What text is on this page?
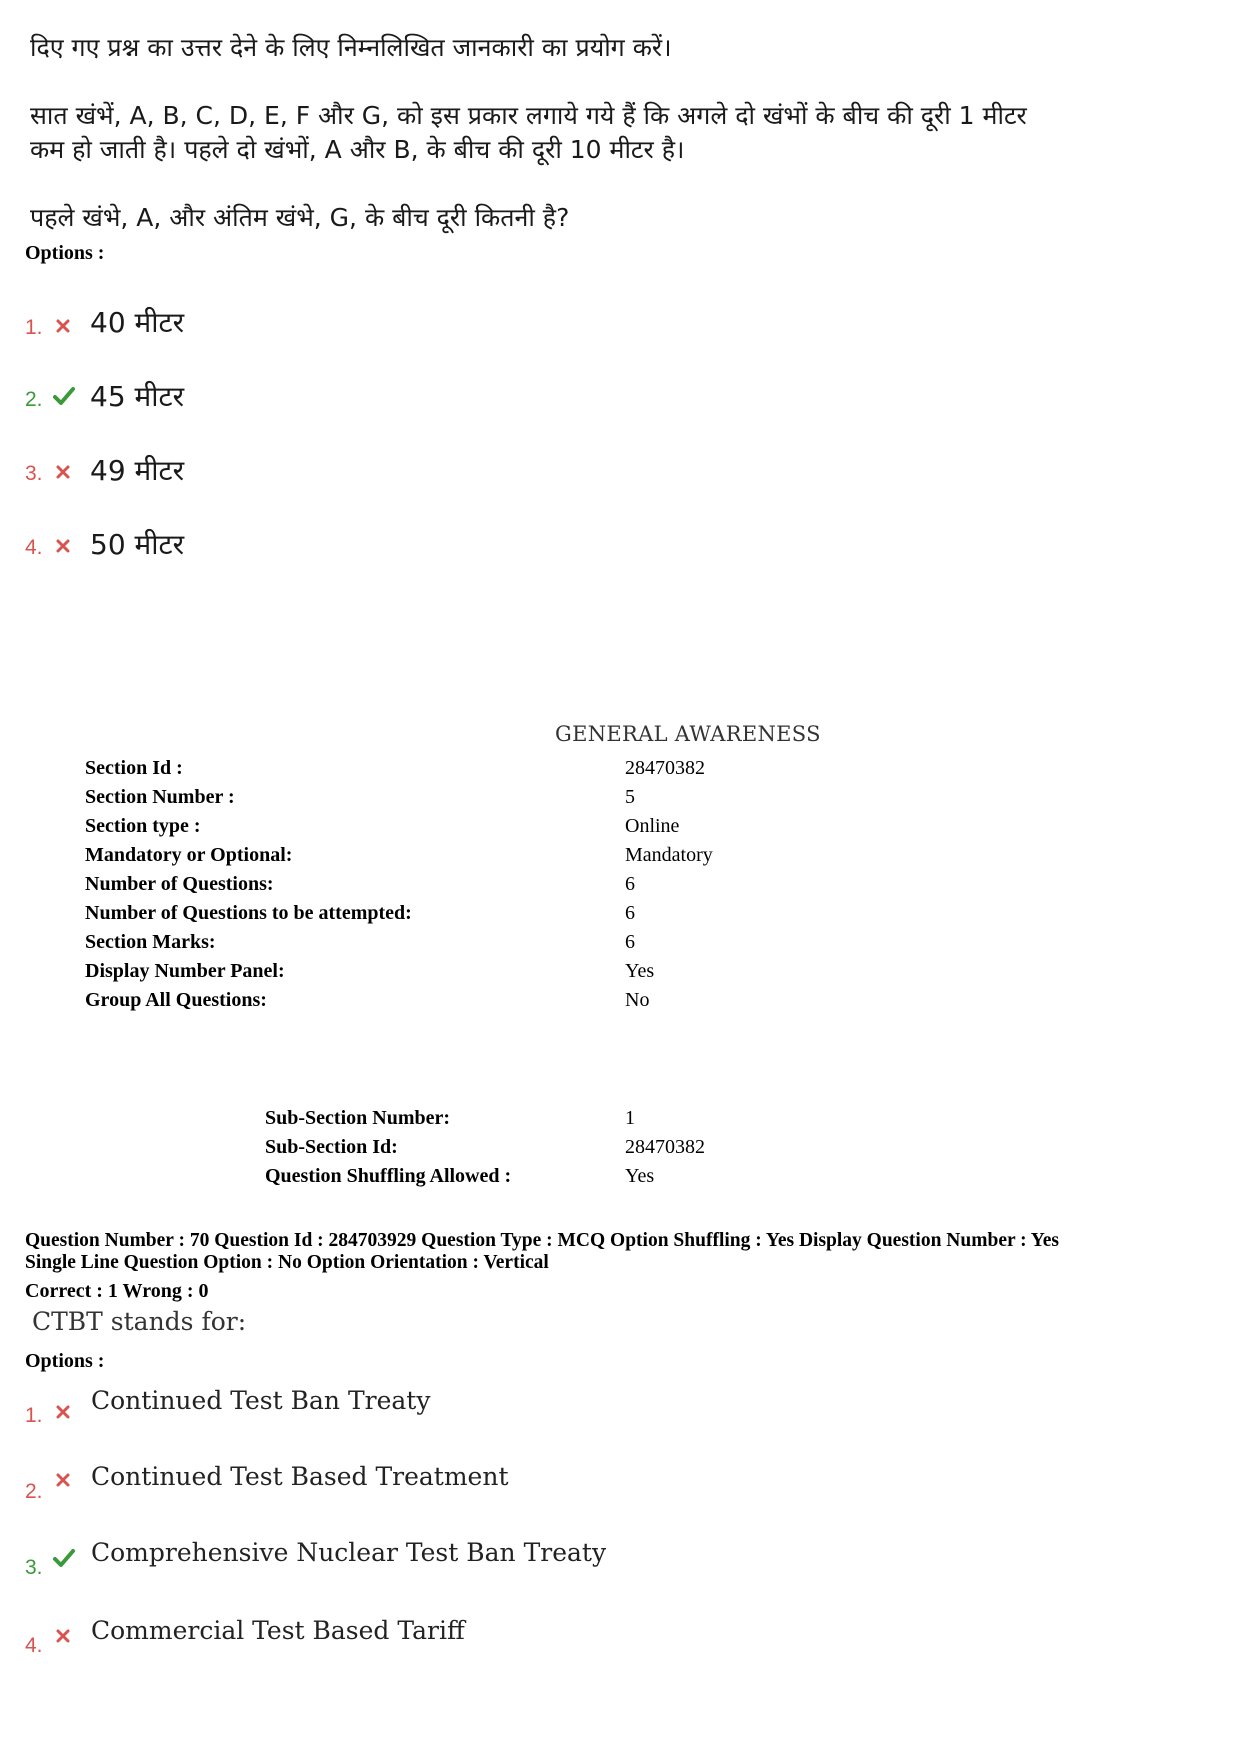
दिए गए प्रश्न का उत्तर देने के लिए निम्नलिखित जानकारी का प्रयोग करें।
सात खंभें, A, B, C, D, E, F और G, को इस प्रकार लगाये गये हैं कि अगले दो खंभों के बीच की दूरी 1 मीटर
कम हो जाती है। पहले दो खंभों, A और B, के बीच की दूरी 10 मीटर है।
पहले खंभे, A, और अंतिम खंभे, G, के बीच दूरी कितनी है?
Options :
1. 40 मीटर
2. 45 मीटर
3. 49 मीटर
4. 50 मीटर
GENERAL AWARENESS
Section Id :	28470382
Section Number :	5
Section type :	Online
Mandatory or Optional:	Mandatory
Number of Questions:	6
Number of Questions to be attempted:	6
Section Marks:	6
Display Number Panel:	Yes
Group All Questions:	No
Sub-Section Number:	1
Sub-Section Id:	28470382
Question Shuffling Allowed :	Yes
Question Number : 70 Question Id : 284703929 Question Type : MCQ Option Shuffling : Yes Display Question Number : Yes
Single Line Question Option : No Option Orientation : Vertical
Correct : 1 Wrong : 0
CTBT stands for:
Options :
1.
Continued Test Ban Treaty
2.
Continued Test Based Treatment
3.
Comprehensive Nuclear Test Ban Treaty
4.
Commercial Test Based Tariff
